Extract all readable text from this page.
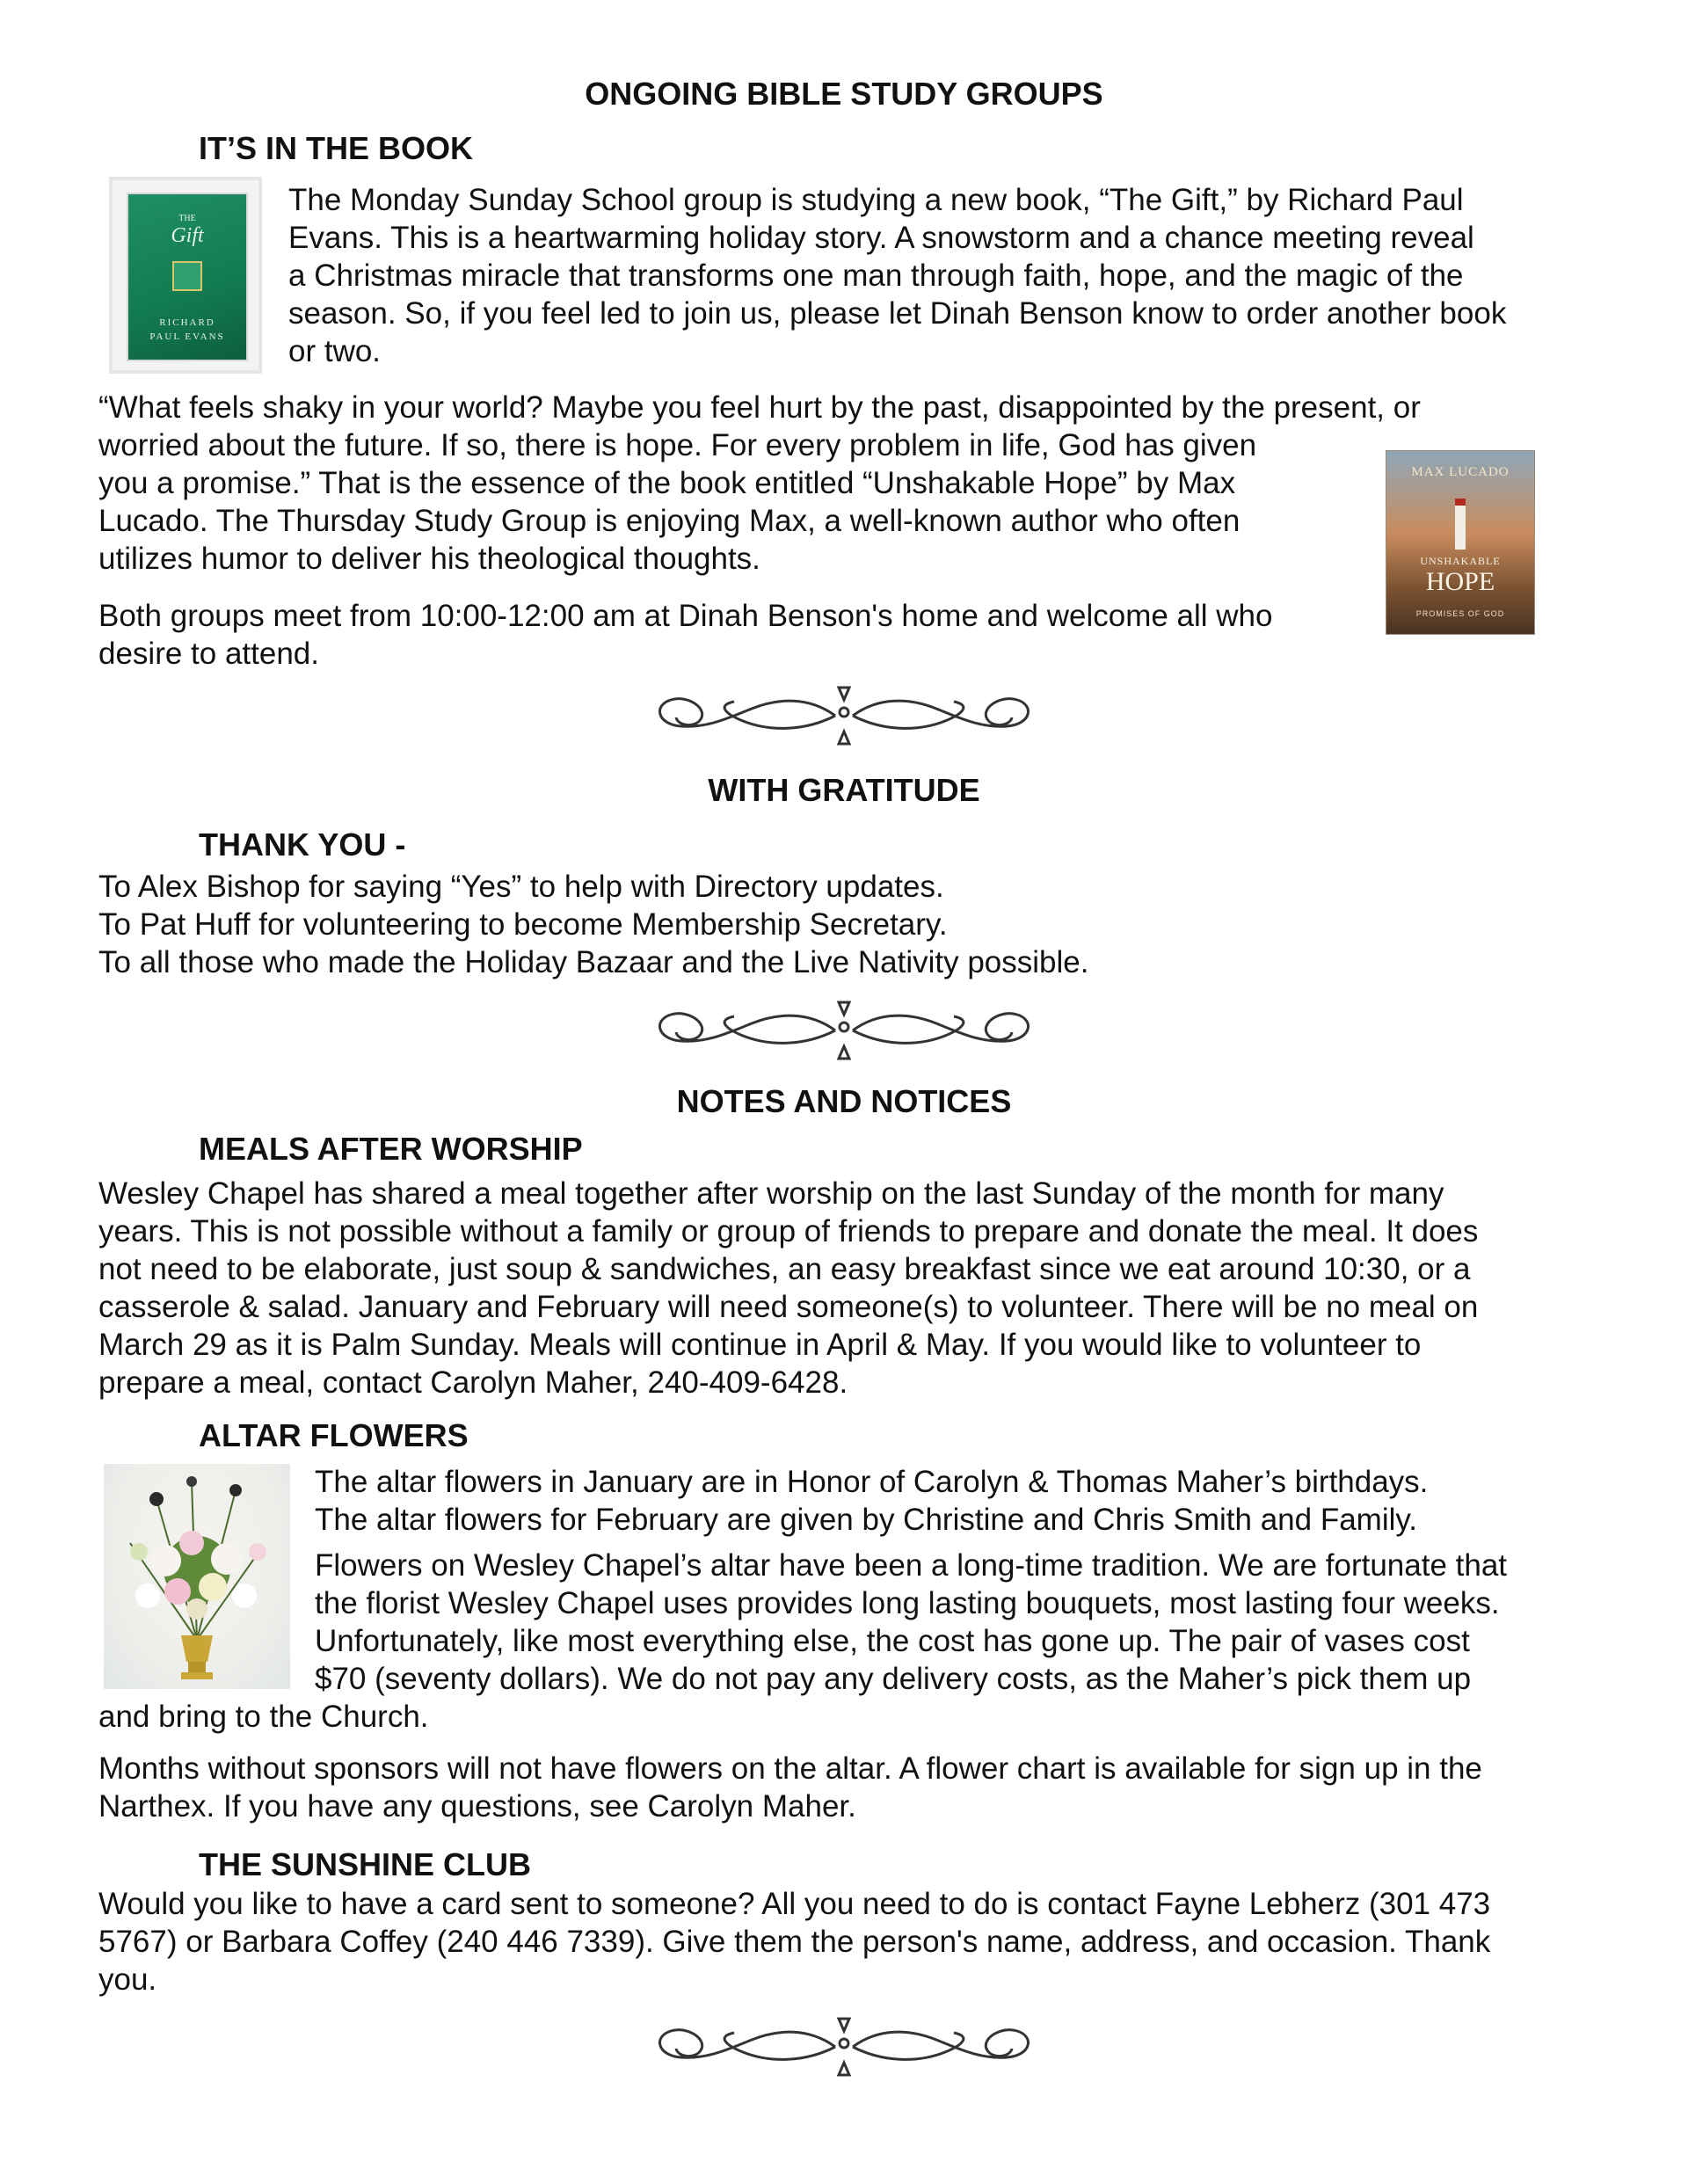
ONGOING BIBLE STUDY GROUPS
IT’S IN THE BOOK
THE
Gift
RICHARD
PAUL EVANS
The Monday Sunday School group is studying a new book, “The Gift,” by Richard Paul
Evans. This is a heartwarming holiday story. A snowstorm and a chance meeting reveal
a Christmas miracle that transforms one man through faith, hope, and the magic of the
season. So, if you feel led to join us, please let Dinah Benson know to order another book
or two.
“What feels shaky in your world? Maybe you feel hurt by the past, disappointed by the present, or
worried about the future. If so, there is hope. For every problem in life, God has given
you a promise.” That is the essence of the book entitled “Unshakable Hope” by Max
Lucado. The Thursday Study Group is enjoying Max, a well-known author who often
utilizes humor to deliver his theological thoughts.
MAX LUCADO
UNSHAKABLE
HOPE
PROMISES OF GOD
Both groups meet from 10:00-12:00 am at Dinah Benson's home and welcome all who
desire to attend.
WITH GRATITUDE
THANK YOU -
To Alex Bishop for saying “Yes” to help with Directory updates.
To Pat Huff for volunteering to become Membership Secretary.
To all those who made the Holiday Bazaar and the Live Nativity possible.
NOTES AND NOTICES
MEALS AFTER WORSHIP
Wesley Chapel has shared a meal together after worship on the last Sunday of the month for many
years. This is not possible without a family or group of friends to prepare and donate the meal. It does
not need to be elaborate, just soup & sandwiches, an easy breakfast since we eat around 10:30, or a
casserole & salad. January and February will need someone(s) to volunteer. There will be no meal on
March 29 as it is Palm Sunday. Meals will continue in April & May. If you would like to volunteer to
prepare a meal, contact Carolyn Maher, 240-409-6428.
ALTAR FLOWERS
The altar flowers in January are in Honor of Carolyn & Thomas Maher’s birthdays.
The altar flowers for February are given by Christine and Chris Smith and Family.
Flowers on Wesley Chapel’s altar have been a long-time tradition. We are fortunate that
the florist Wesley Chapel uses provides long lasting bouquets, most lasting four weeks.
Unfortunately, like most everything else, the cost has gone up. The pair of vases cost
$70 (seventy dollars). We do not pay any delivery costs, as the Maher’s pick them up
and bring to the Church.
Months without sponsors will not have flowers on the altar. A flower chart is available for sign up in the
Narthex. If you have any questions, see Carolyn Maher.
THE SUNSHINE CLUB
Would you like to have a card sent to someone? All you need to do is contact Fayne Lebherz (301 473
5767) or Barbara Coffey (240 446 7339). Give them the person's name, address, and occasion. Thank
you.
